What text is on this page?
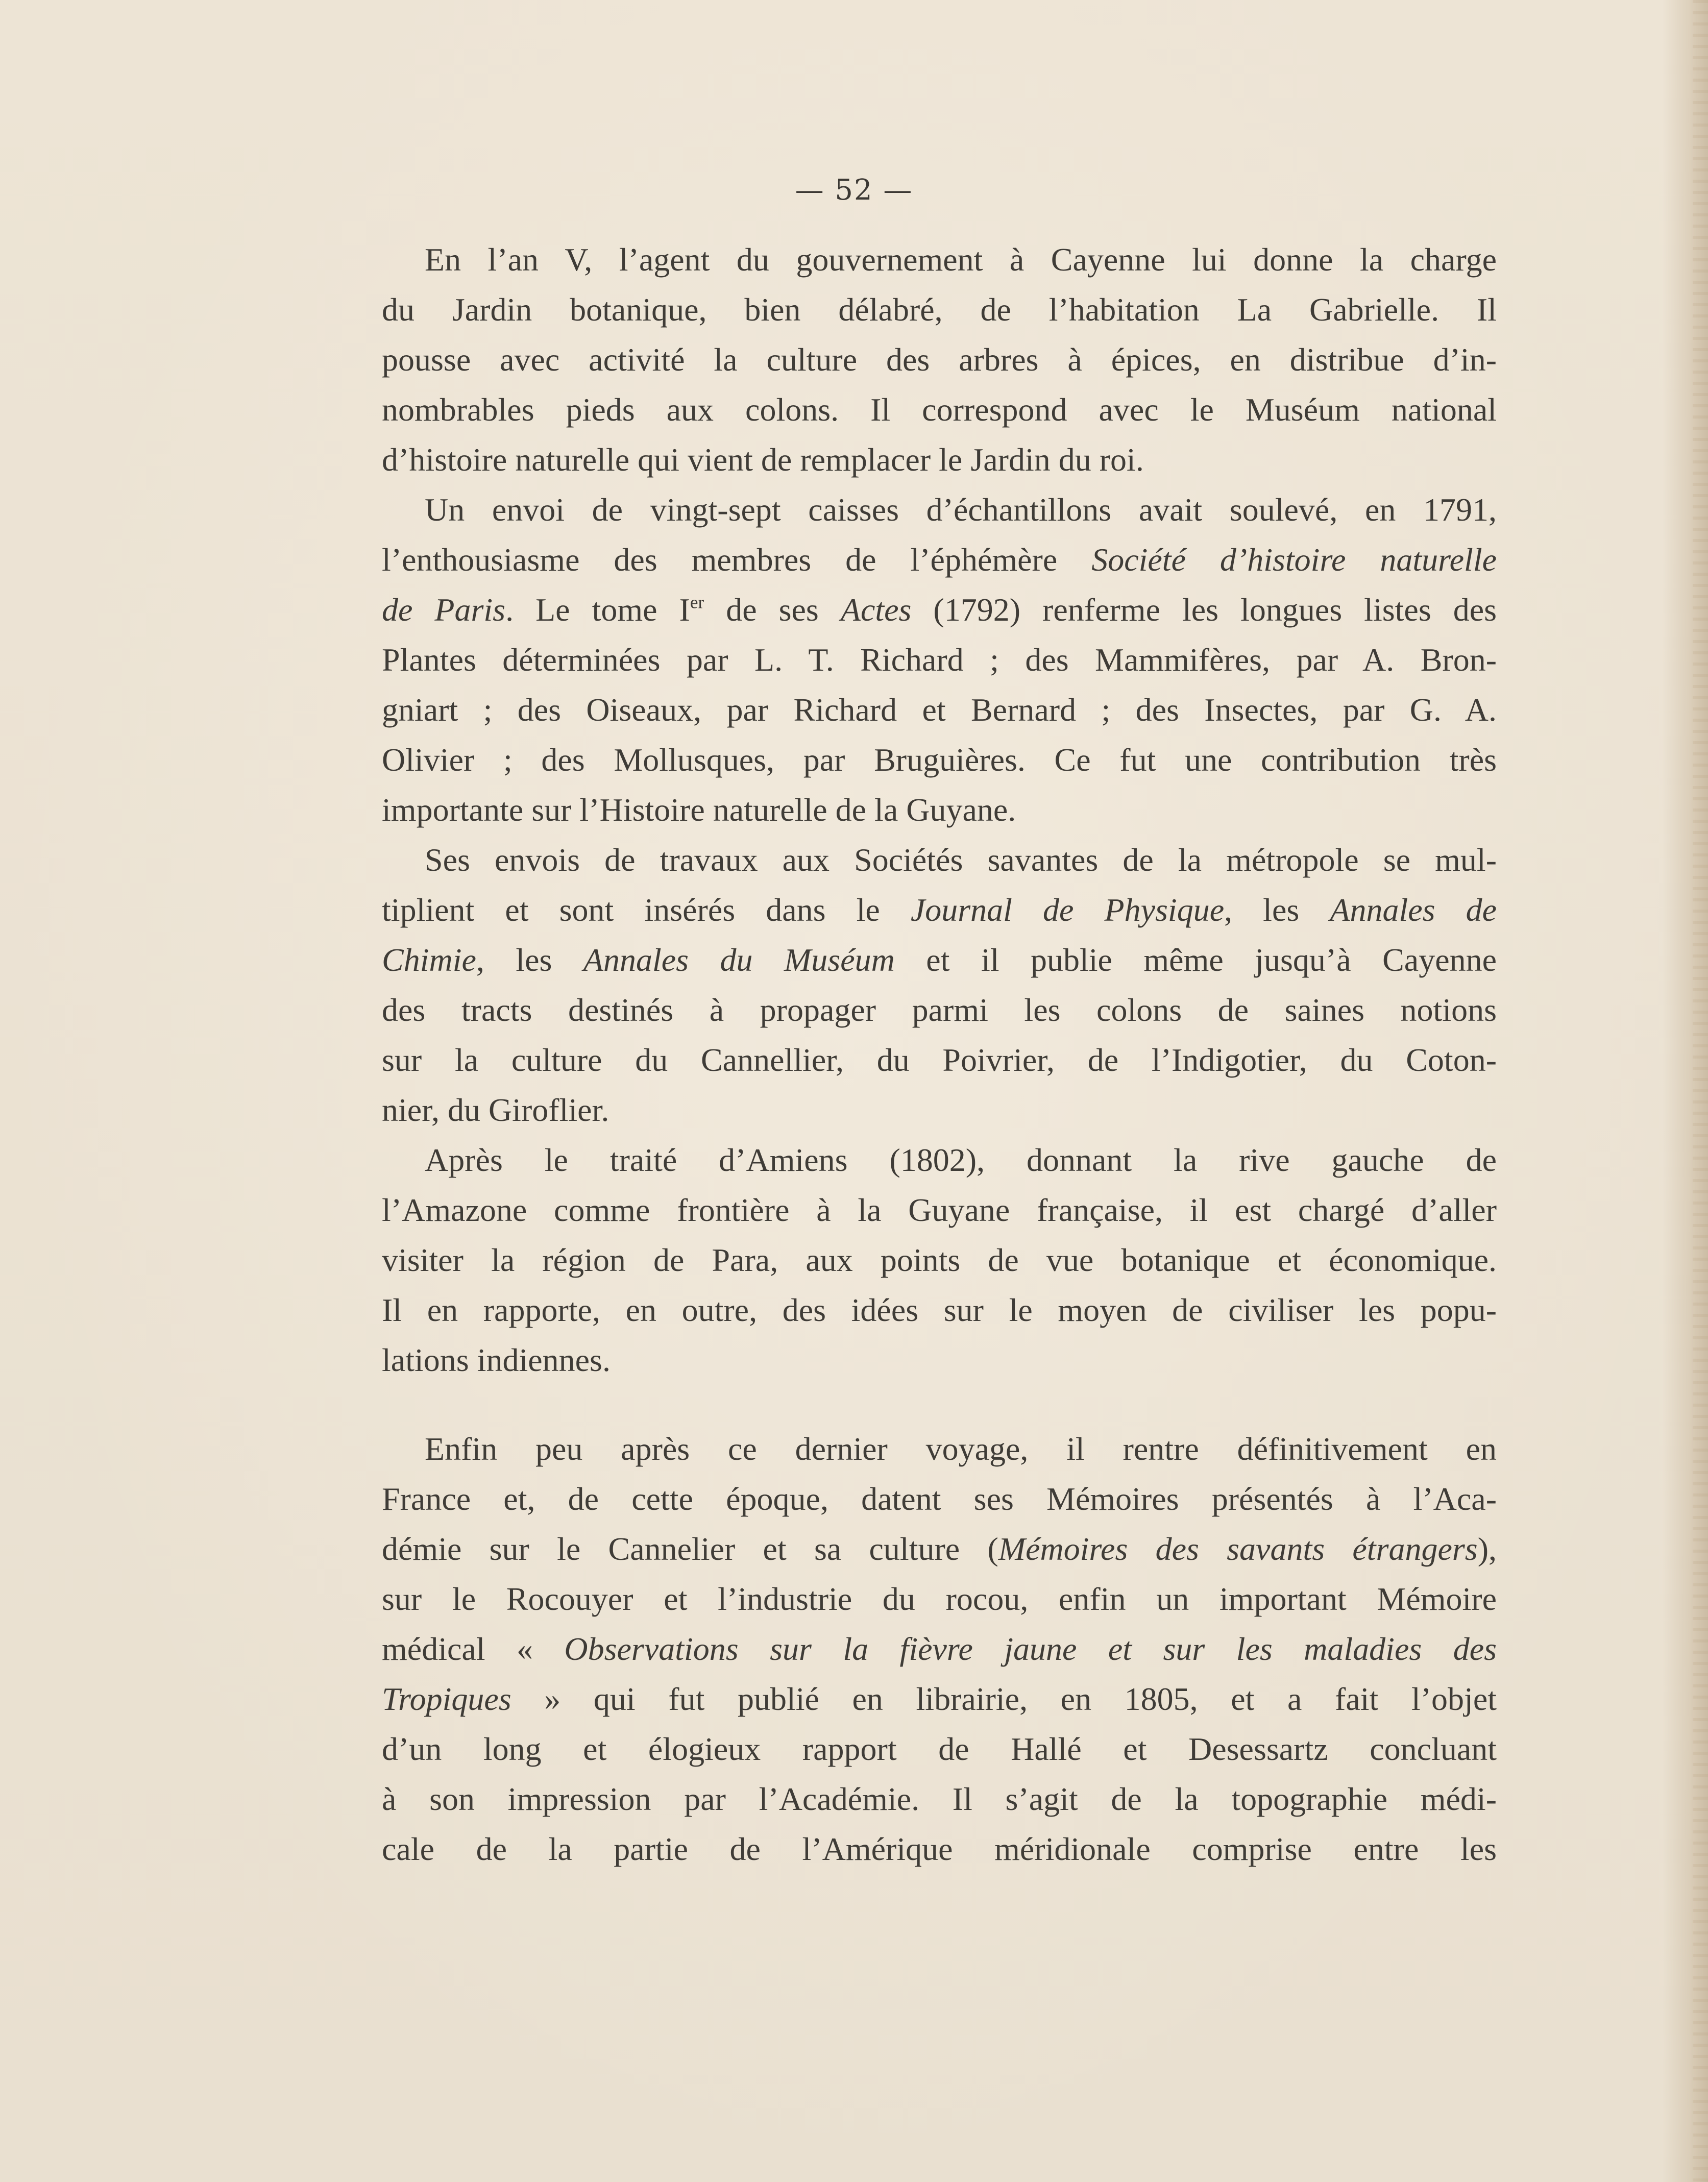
— 52 —
En l’an V, l’agent du gouvernement à Cayenne lui donne la charge
du Jardin botanique, bien délabré, de l’habitation La Gabrielle. Il
pousse avec activité la culture des arbres à épices, en distribue d’in-
nombrables pieds aux colons. Il correspond avec le Muséum national
d’histoire naturelle qui vient de remplacer le Jardin du roi.
Un envoi de vingt-sept caisses d’échantillons avait soulevé, en 1791,
l’enthousiasme des membres de l’éphémère Société d’histoire naturelle
de Paris. Le tome Ier de ses Actes (1792) renferme les longues listes des
Plantes déterminées par L. T. Richard ; des Mammifères, par A. Bron-
gniart ; des Oiseaux, par Richard et Bernard ; des Insectes, par G. A.
Olivier ; des Mollusques, par Bruguières. Ce fut une contribution très
importante sur l’Histoire naturelle de la Guyane.
Ses envois de travaux aux Sociétés savantes de la métropole se mul-
tiplient et sont insérés dans le Journal de Physique, les Annales de
Chimie, les Annales du Muséum et il publie même jusqu’à Cayenne
des tracts destinés à propager parmi les colons de saines notions
sur la culture du Cannellier, du Poivrier, de l’Indigotier, du Coton-
nier, du Giroflier.
Après le traité d’Amiens (1802), donnant la rive gauche de
l’Amazone comme frontière à la Guyane française, il est chargé d’aller
visiter la région de Para, aux points de vue botanique et économique.
Il en rapporte, en outre, des idées sur le moyen de civiliser les popu-
lations indiennes.
Enfin peu après ce dernier voyage, il rentre définitivement en
France et, de cette époque, datent ses Mémoires présentés à l’Aca-
démie sur le Cannelier et sa culture (Mémoires des savants étrangers),
sur le Rocouyer et l’industrie du rocou, enfin un important Mémoire
médical « Observations sur la fièvre jaune et sur les maladies des
Tropiques » qui fut publié en librairie, en 1805, et a fait l’objet
d’un long et élogieux rapport de Hallé et Desessartz concluant
à son impression par l’Académie. Il s’agit de la topographie médi-
cale de la partie de l’Amérique méridionale comprise entre les
